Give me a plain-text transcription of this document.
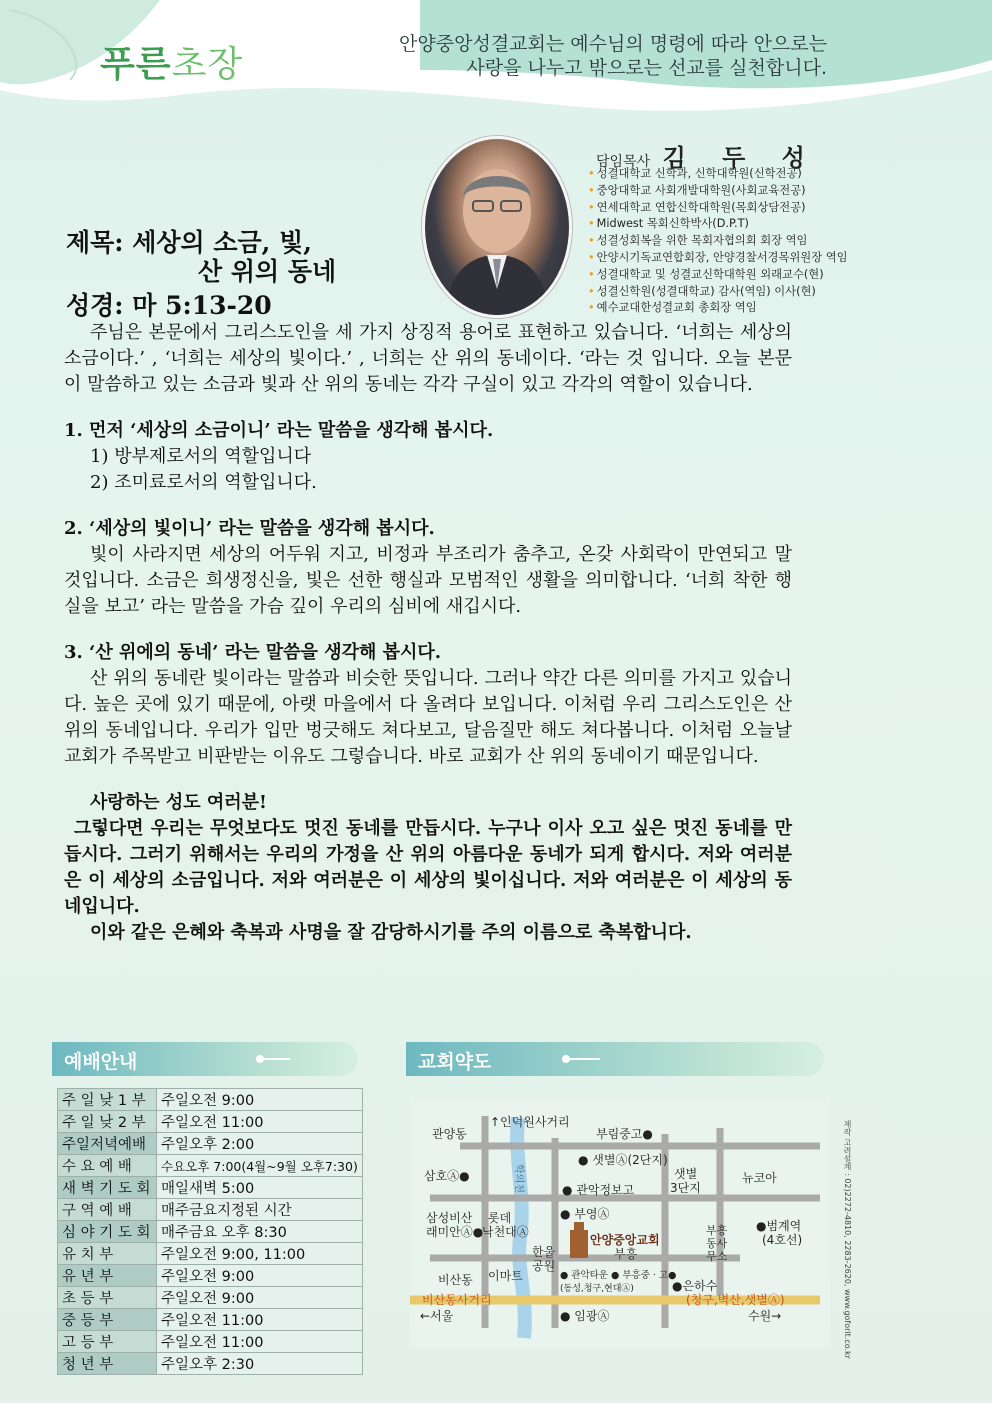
푸른초장	안양중앙성결교회는 예수님의 명령에 따라 안으로는
사랑을 나누고 밖으로는 선교를 실천합니다.
담임목사 김 두 성
• 성결대학교 신학과, 신학대학원(신학전공)
• 중앙대학교 사회개발대학원(사회교육전공)
• 연세대학교 연합신학대학원(목회상담전공)
• Midwest 목회신학박사(D.P.T)
• 성결성회복을 위한 목회자협의회 회장 역임
• 안양시기독교연합회장, 안양경찰서경목위원장 역임
• 성결대학교 및 성결교신학대학원 외래교수(현)
• 성결신학원(성결대학교) 감사(역임) 이사(현)
• 예수교대한성결교회 총회장 역임
제목: 세상의 소금, 빛,
산 위의 동네
성경: 마 5:13-20

주님은 본문에서 그리스도인을 세 가지 상징적 용어로 표현하고 있습니다. ‘너희는 세상의 소금이다.’ , ‘너희는 세상의 빛이다.’ , 너희는 산 위의 동네이다. ‘라는 것 입니다. 오늘 본문이 말씀하고 있는 소금과 빛과 산 위의 동네는 각각 구실이 있고 각각의 역할이 있습니다.

1. 먼저 ‘세상의 소금이니’ 라는 말씀을 생각해 봅시다.

1) 방부제로서의 역할입니다

2) 조미료로서의 역할입니다.

2. ‘세상의 빛이니’ 라는 말씀을 생각해 봅시다.

빛이 사라지면 세상의 어두워 지고, 비정과 부조리가 춤추고, 온갖 사회락이 만연되고 말 것입니다. 소금은 희생정신을, 빛은 선한 행실과 모범적인 생활을 의미합니다. ‘너희 착한 행실을 보고’ 라는 말씀을 가슴 깊이 우리의 심비에 새깁시다.

3. ‘산 위에의 동네’ 라는 말씀을 생각해 봅시다.

산 위의 동네란 빛이라는 말씀과 비슷한 뜻입니다. 그러나 약간 다른 의미를 가지고 있습니다. 높은 곳에 있기 때문에, 아랫 마을에서 다 올려다 보입니다. 이처럼 우리 그리스도인은 산 위의 동네입니다. 우리가 입만 벙긋해도 쳐다보고, 달음질만 해도 쳐다봅니다. 이처럼 오늘날 교회가 주목받고 비판받는 이유도 그렇습니다. 바로 교회가 산 위의 동네이기 때문입니다.

사랑하는 성도 여러분!

그렇다면 우리는 무엇보다도 멋진 동네를 만듭시다. 누구나 이사 오고 싶은 멋진 동네를 만듭시다. 그러기 위해서는 우리의 가정을 산 위의 아름다운 동네가 되게 합시다. 저와 여러분은 이 세상의 소금입니다. 저와 여러분은 이 세상의 빛이십니다. 저와 여러분은 이 세상의 동네입니다.

이와 같은 은혜와 축복과 사명을 잘 감당하시기를 주의 이름으로 축복합니다.

예배안내
주 일 낮 1 부	주일오전 9:00
주 일 낮 2 부	주일오전 11:00
주일저녁예배	주일오후 2:00
수 요 예 배	수요오후 7:00(4월~9월 오후7:30)
새 벽 기 도 회	매일새벽 5:00
구 역 예 배	매주금요지정된 시간
심 야 기 도 회	매주금요 오후 8:30
유 치 부	주일오전 9:00, 11:00
유 년 부	주일오전 9:00
초 등 부	주일오전 9:00
중 등 부	주일오전 11:00
고 등 부	주일오전 11:00
청 년 부	주일오후 2:30
교회약도
관양동
↑인덕원사거리
부림중고●
삼호Ⓐ●	학의천
● 샛별Ⓐ(2단지)
샛별
3단지
뉴코아
● 관악정보고
삼성비산
래미안Ⓐ●
롯데
낙천대Ⓐ
● 부영Ⓐ
안양중앙교회
부흥
부흥
동사
무소
●범계역
(4호선)
한울
공원
비산동 이마트	● 관악타운 ● 부흥중 · 고●
(동성,청구,현대Ⓐ)	●은하수
비산동사거리	(청구,벽산,샛별Ⓐ)
←서울	● 임광Ⓐ	수원→	제작 고려설계 : 02)2272-4810, 2283-2620, www.goforit.co.kr
